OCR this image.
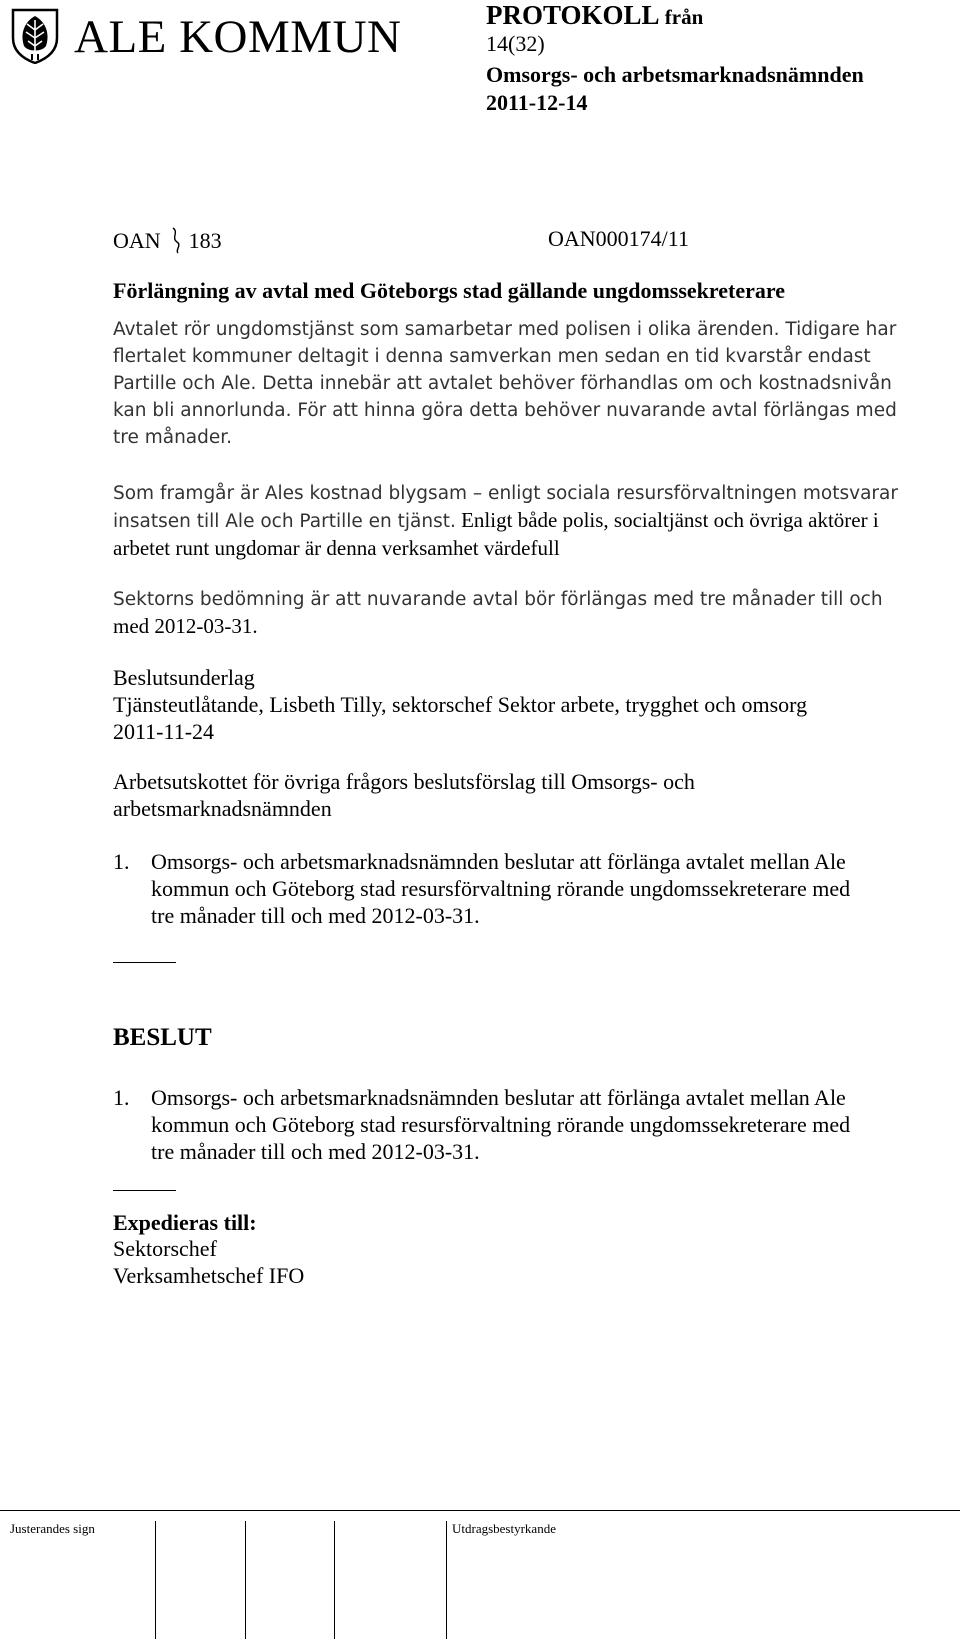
ALE KOMMUN	PROTOKOLL från
14(32)
Omsorgs- och arbetsmarknadsnämnden
2011-12-14
OAN 183	OAN000174/11
Förlängning av avtal med Göteborgs stad gällande ungdomssekreterare
Avtalet rör ungdomstjänst som samarbetar med polisen i olika ärenden. Tidigare har
flertalet kommuner deltagit i denna samverkan men sedan en tid kvarstår endast
Partille och Ale. Detta innebär att avtalet behöver förhandlas om och kostnadsnivån
kan bli annorlunda. För att hinna göra detta behöver nuvarande avtal förlängas med
tre månader.
Som framgår är Ales kostnad blygsam – enligt sociala resursförvaltningen motsvarar
insatsen till Ale och Partille en tjänst. Enligt både polis, socialtjänst och övriga aktörer i
arbetet runt ungdomar är denna verksamhet värdefull
Sektorns bedömning är att nuvarande avtal bör förlängas med tre månader till och
med 2012-03-31.
Beslutsunderlag
Tjänsteutlåtande, Lisbeth Tilly, sektorschef Sektor arbete, trygghet och omsorg
2011-11-24
Arbetsutskottet för övriga frågors beslutsförslag till Omsorgs- och
arbetsmarknadsnämnden
1. Omsorgs- och arbetsmarknadsnämnden beslutar att förlänga avtalet mellan Ale
kommun och Göteborg stad resursförvaltning rörande ungdomssekreterare med
tre månader till och med 2012-03-31.
BESLUT
1. Omsorgs- och arbetsmarknadsnämnden beslutar att förlänga avtalet mellan Ale
kommun och Göteborg stad resursförvaltning rörande ungdomssekreterare med
tre månader till och med 2012-03-31.
Expedieras till:
Sektorschef
Verksamhetschef IFO
Justerandes sign	Utdragsbestyrkande
